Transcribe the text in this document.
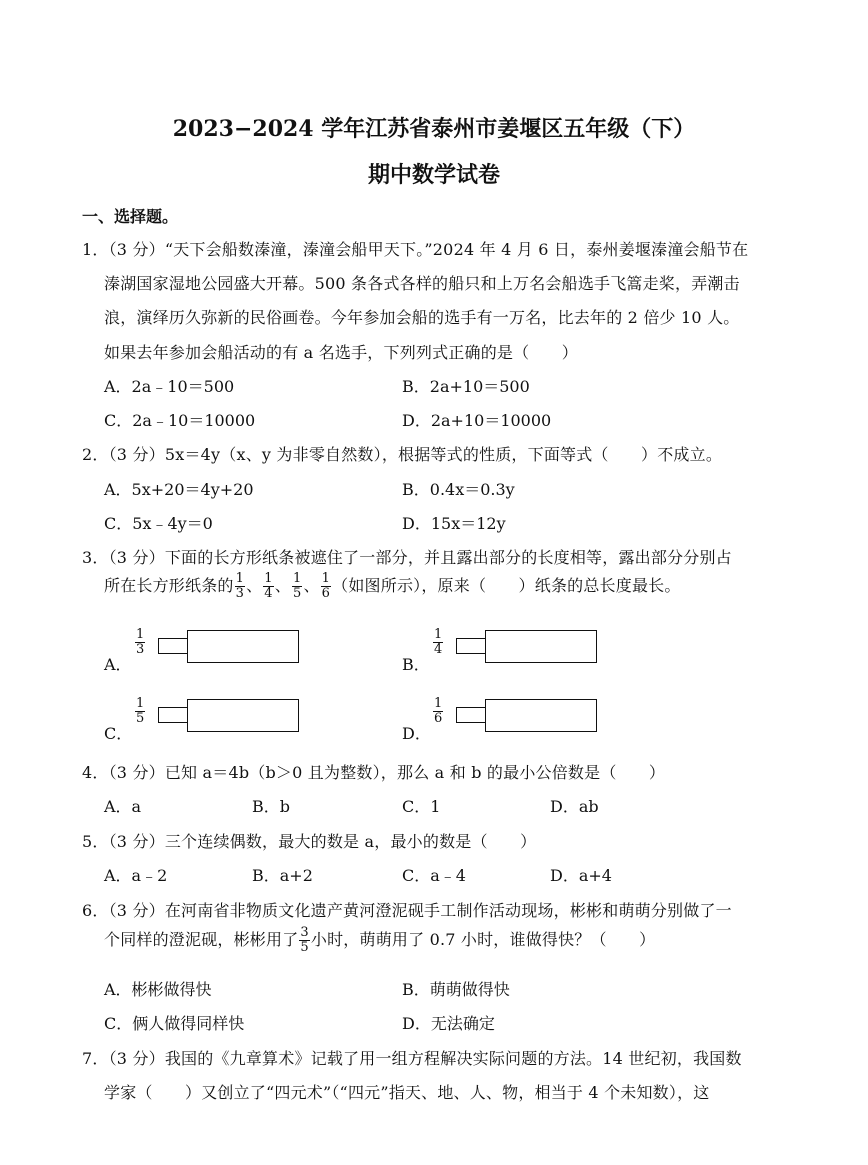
2023−2024 学年江苏省泰州市姜堰区五年级（下）
期中数学试卷
一、选择题。
1．（3 分）“天下会船数溱潼，溱潼会船甲天下。”2024 年 4 月 6 日，泰州姜堰溱潼会船节在
溱湖国家湿地公园盛大开幕。500 条各式各样的船只和上万名会船选手飞篙走桨，弄潮击
浪，演绎历久弥新的民俗画卷。今年参加会船的选手有一万名，比去年的 2 倍少 10 人。
如果去年参加会船活动的有 a 名选手，下列列式正确的是（　　）
A．2a﹣10＝500	B．2a+10＝500
C．2a﹣10＝10000	D．2a+10＝10000
2．（3 分）5x＝4y（x、y 为非零自然数），根据等式的性质，下面等式（　　）不成立。
A．5x+20＝4y+20	B．0.4x＝0.3y
C．5x﹣4y＝0	D．15x＝12y
3．（3 分）下面的长方形纸条被遮住了一部分，并且露出部分的长度相等，露出部分分别占
所在长方形纸条的 $\frac{1}{3}$ 、 $\frac{1}{4}$ 、 $\frac{1}{5}$ 、 $\frac{1}{6}$ （如图所示），原来（　　）纸条的总长度最长。
A．
$\frac{1}{3}$
B．
$\frac{1}{4}$
C．
$\frac{1}{5}$
D．
$\frac{1}{6}$
4．（3 分）已知 a＝4b（b＞0 且为整数），那么 a 和 b 的最小公倍数是（　　）
A．a	B．b	C．1	D．ab
5．（3 分）三个连续偶数，最大的数是 a，最小的数是（　　）
A．a﹣2	B．a+2	C．a﹣4	D．a+4
6．（3 分）在河南省非物质文化遗产黄河澄泥砚手工制作活动现场，彬彬和萌萌分别做了一
个同样的澄泥砚，彬彬用了 $\frac{3}{5}$ 小时，萌萌用了 0.7 小时，谁做得快？（　　）
A．彬彬做得快	B．萌萌做得快
C．俩人做得同样快	D．无法确定
7．（3 分）我国的《九章算术》记载了用一组方程解决实际问题的方法。14 世纪初，我国数
学家（　　）又创立了“四元术”（“四元”指天、地、人、物，相当于 4 个未知数），这
